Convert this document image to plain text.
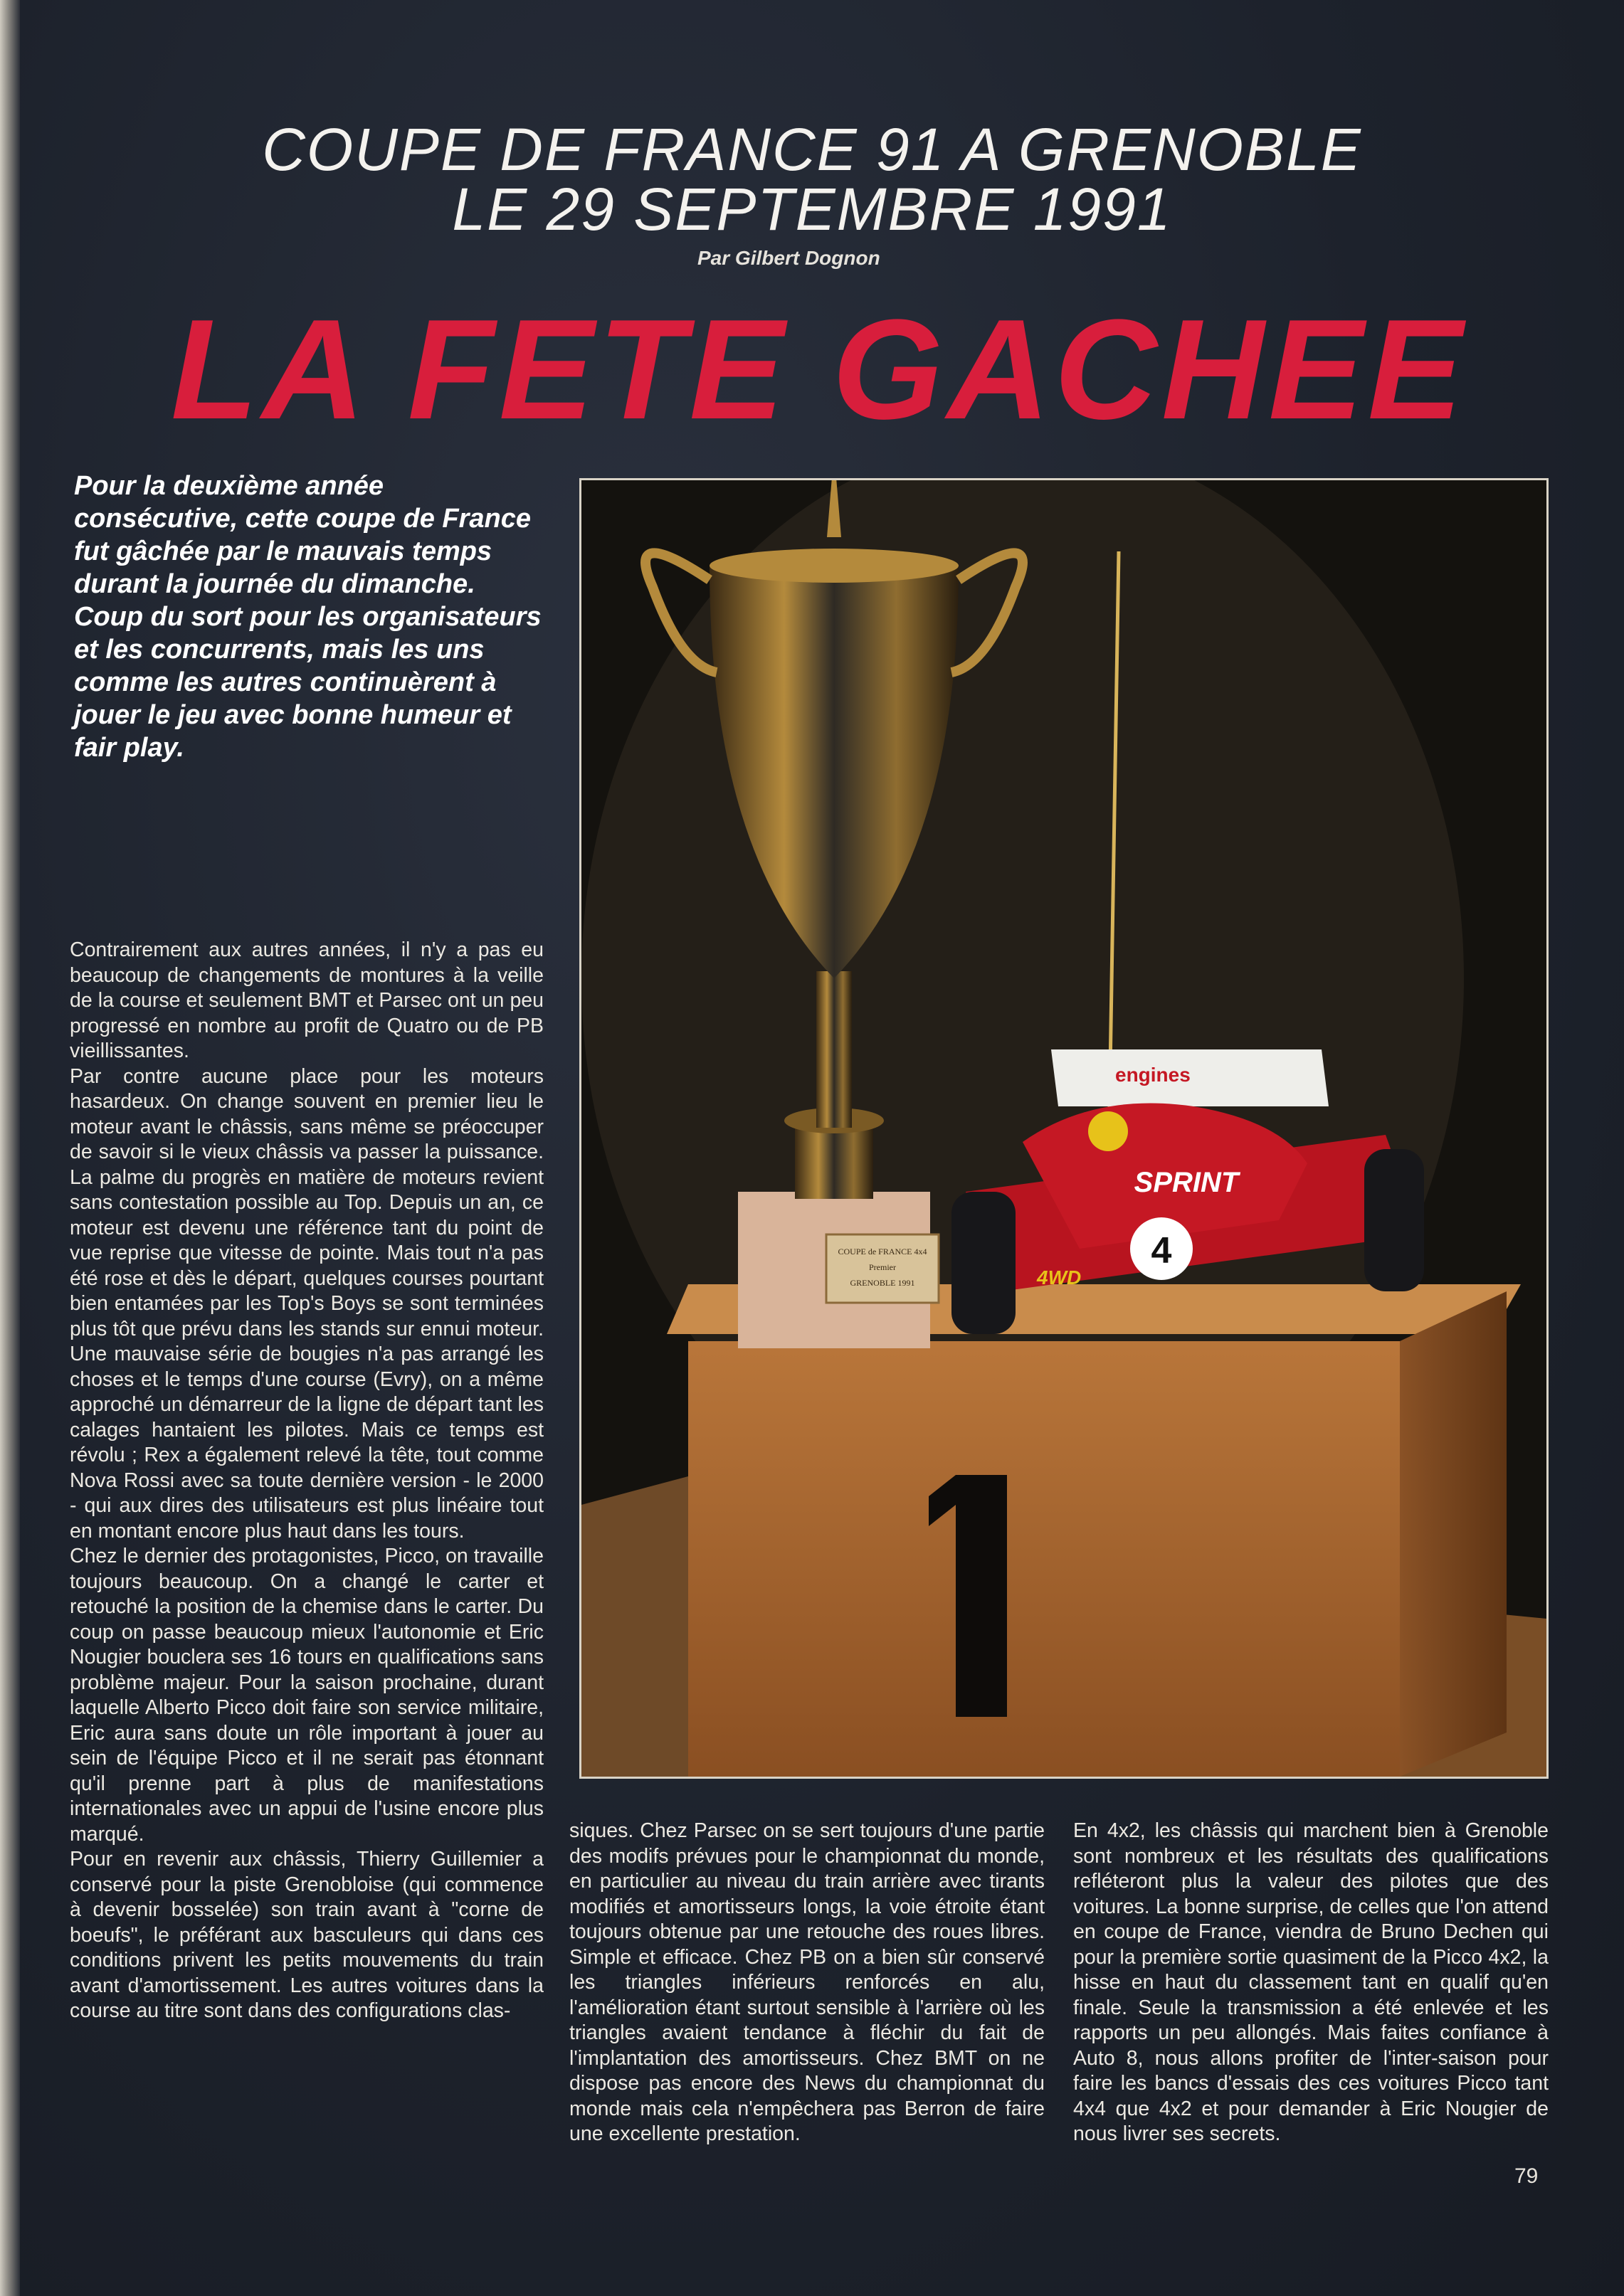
COUPE DE FRANCE 91 A GRENOBLE
LE 29 SEPTEMBRE 1991
Par Gilbert Dognon
LA FETE GACHEE

Pour la deuxième année consécutive, cette coupe de France fut gâchée par le mauvais temps durant la journée du dimanche.

Coup du sort pour les organisateurs et les concurrents, mais les uns comme les autres continuèrent à jouer le jeu avec bonne humeur et fair play.

Contrairement aux autres années, il n'y a pas eu beaucoup de changements de montures à la veille de la course et seulement BMT et Parsec ont un peu progressé en nombre au profit de Quatro ou de PB vieillissantes.

Par contre aucune place pour les moteurs hasardeux. On change souvent en premier lieu le moteur avant le châssis, sans même se préoccuper de savoir si le vieux châssis va passer la puissance. La palme du progrès en matière de moteurs revient sans contestation possible au Top. Depuis un an, ce moteur est devenu une référence tant du point de vue reprise que vitesse de pointe. Mais tout n'a pas été rose et dès le départ, quelques courses pourtant bien entamées par les Top's Boys se sont terminées plus tôt que prévu dans les stands sur ennui moteur. Une mauvaise série de bougies n'a pas arrangé les choses et le temps d'une course (Evry), on a même approché un démarreur de la ligne de départ tant les calages hantaient les pilotes. Mais ce temps est révolu ; Rex a également relevé la tête, tout comme Nova Rossi avec sa toute dernière version - le 2000 - qui aux dires des utilisateurs est plus linéaire tout en montant encore plus haut dans les tours.

Chez le dernier des protagonistes, Picco, on travaille toujours beaucoup. On a changé le carter et retouché la position de la chemise dans le carter. Du coup on passe beaucoup mieux l'autonomie et Eric Nougier bouclera ses 16 tours en qualifications sans problème majeur. Pour la saison prochaine, durant laquelle Alberto Picco doit faire son service militaire, Eric aura sans doute un rôle important à jouer au sein de l'équipe Picco et il ne serait pas étonnant qu'il prenne part à plus de manifestations internationales avec un appui de l'usine encore plus marqué.

Pour en revenir aux châssis, Thierry Guillemier a conservé pour la piste Grenobloise (qui commence à devenir bosselée) son train avant à "corne de boeufs", le préférant aux basculeurs qui dans ces conditions privent les petits mouvements du train avant d'amortissement. Les autres voitures dans la course au titre sont dans des configurations clas-

COUPE de FRANCE 4x4
Premier
GRENOBLE 1991
4
SPRINT
engines
4WD

siques. Chez Parsec on se sert toujours d'une partie des modifs prévues pour le championnat du monde, en particulier au niveau du train arrière avec tirants modifiés et amortisseurs longs, la voie étroite étant toujours obtenue par une retouche des roues libres. Simple et efficace. Chez PB on a bien sûr conservé les triangles inférieurs renforcés en alu, l'amélioration étant surtout sensible à l'arrière où les triangles avaient tendance à fléchir du fait de l'implantation des amortisseurs. Chez BMT on ne dispose pas encore des News du championnat du monde mais cela n'empêchera pas Berron de faire une excellente prestation.

En 4x2, les châssis qui marchent bien à Grenoble sont nombreux et les résultats des qualifications refléteront plus la valeur des pilotes que des voitures. La bonne surprise, de celles que l'on attend en coupe de France, viendra de Bruno Dechen qui pour la première sortie quasiment de la Picco 4x2, la hisse en haut du classement tant en qualif qu'en finale. Seule la transmission a été enlevée et les rapports un peu allongés. Mais faites confiance à Auto 8, nous allons profiter de l'inter-saison pour faire les bancs d'essais des ces voitures Picco tant 4x4 que 4x2 et pour demander à Eric Nougier de nous livrer ses secrets.

79
